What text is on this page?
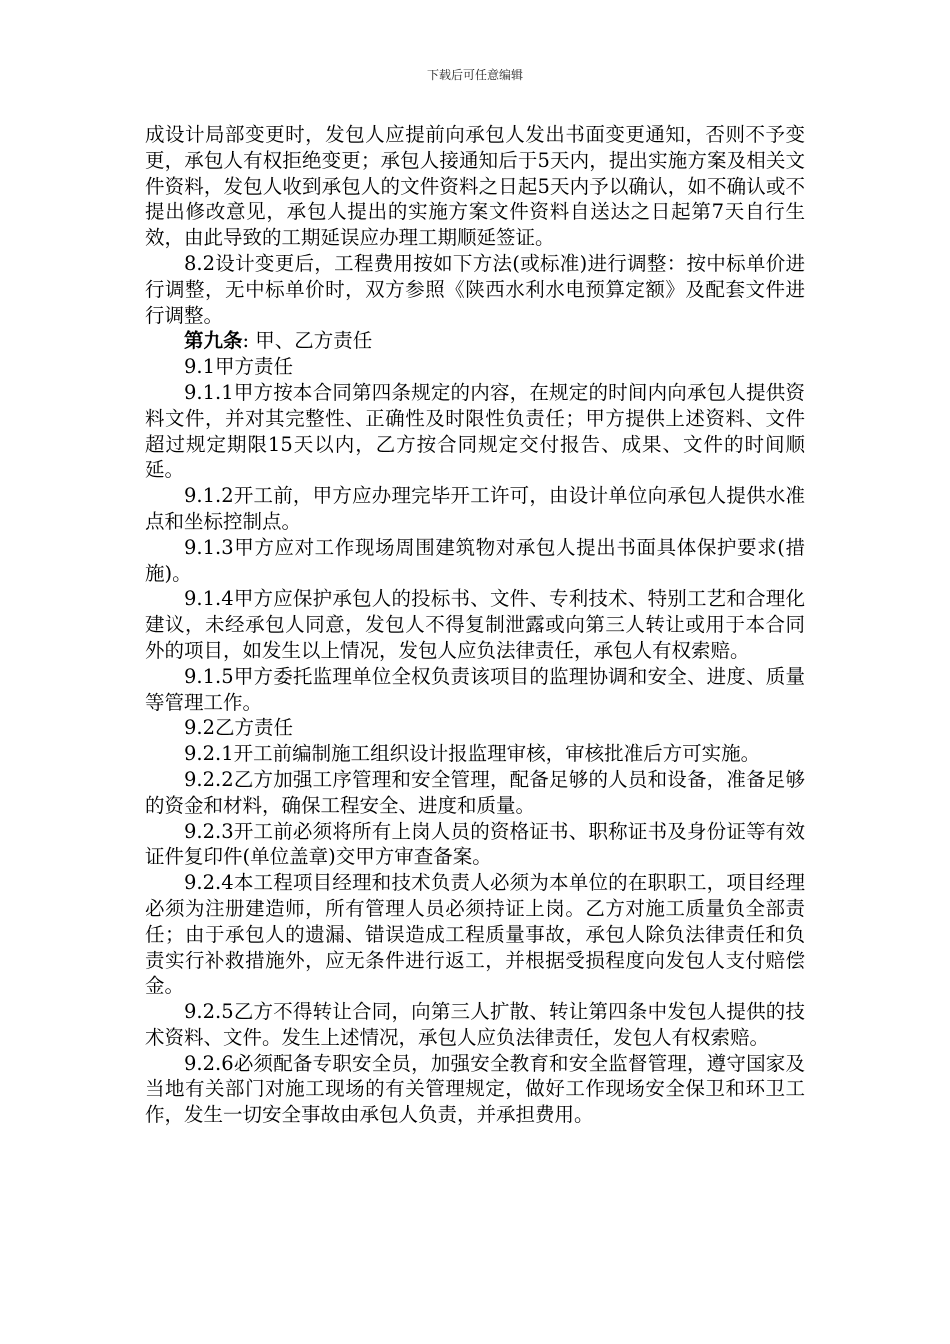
下载后可任意编辑

成设计局部变更时，发包人应提前向承包人发出书面变更通知，否则不予变更，承包人有权拒绝变更；承包人接通知后于5天内，提出实施方案及相关文件资料，发包人收到承包人的文件资料之日起5天内予以确认，如不确认或不提出修改意见，承包人提出的实施方案文件资料自送达之日起第7天自行生效，由此导致的工期延误应办理工期顺延签证。

8.2设计变更后，工程费用按如下方法(或标准)进行调整：按中标单价进行调整，无中标单价时，双方参照《陕西水利水电预算定额》及配套文件进行调整。

第九条: 甲、乙方责任

9.1甲方责任

9.1.1甲方按本合同第四条规定的内容，在规定的时间内向承包人提供资料文件，并对其完整性、正确性及时限性负责任；甲方提供上述资料、文件超过规定期限15天以内，乙方按合同规定交付报告、成果、文件的时间顺延。

9.1.2开工前，甲方应办理完毕开工许可，由设计单位向承包人提供水准点和坐标控制点。

9.1.3甲方应对工作现场周围建筑物对承包人提出书面具体保护要求(措施)。

9.1.4甲方应保护承包人的投标书、文件、专利技术、特别工艺和合理化建议，未经承包人同意，发包人不得复制泄露或向第三人转让或用于本合同外的项目，如发生以上情况，发包人应负法律责任，承包人有权索赔。

9.1.5甲方委托监理单位全权负责该项目的监理协调和安全、进度、质量等管理工作。

9.2乙方责任

9.2.1开工前编制施工组织设计报监理审核，审核批准后方可实施。

9.2.2乙方加强工序管理和安全管理，配备足够的人员和设备，准备足够的资金和材料，确保工程安全、进度和质量。

9.2.3开工前必须将所有上岗人员的资格证书、职称证书及身份证等有效证件复印件(单位盖章)交甲方审查备案。

9.2.4本工程项目经理和技术负责人必须为本单位的在职职工，项目经理必须为注册建造师，所有管理人员必须持证上岗。乙方对施工质量负全部责任；由于承包人的遗漏、错误造成工程质量事故，承包人除负法律责任和负责实行补救措施外，应无条件进行返工，并根据受损程度向发包人支付赔偿金。

9.2.5乙方不得转让合同，向第三人扩散、转让第四条中发包人提供的技术资料、文件。发生上述情况，承包人应负法律责任，发包人有权索赔。

9.2.6必须配备专职安全员，加强安全教育和安全监督管理，遵守国家及当地有关部门对施工现场的有关管理规定，做好工作现场安全保卫和环卫工作，发生一切安全事故由承包人负责，并承担费用。
